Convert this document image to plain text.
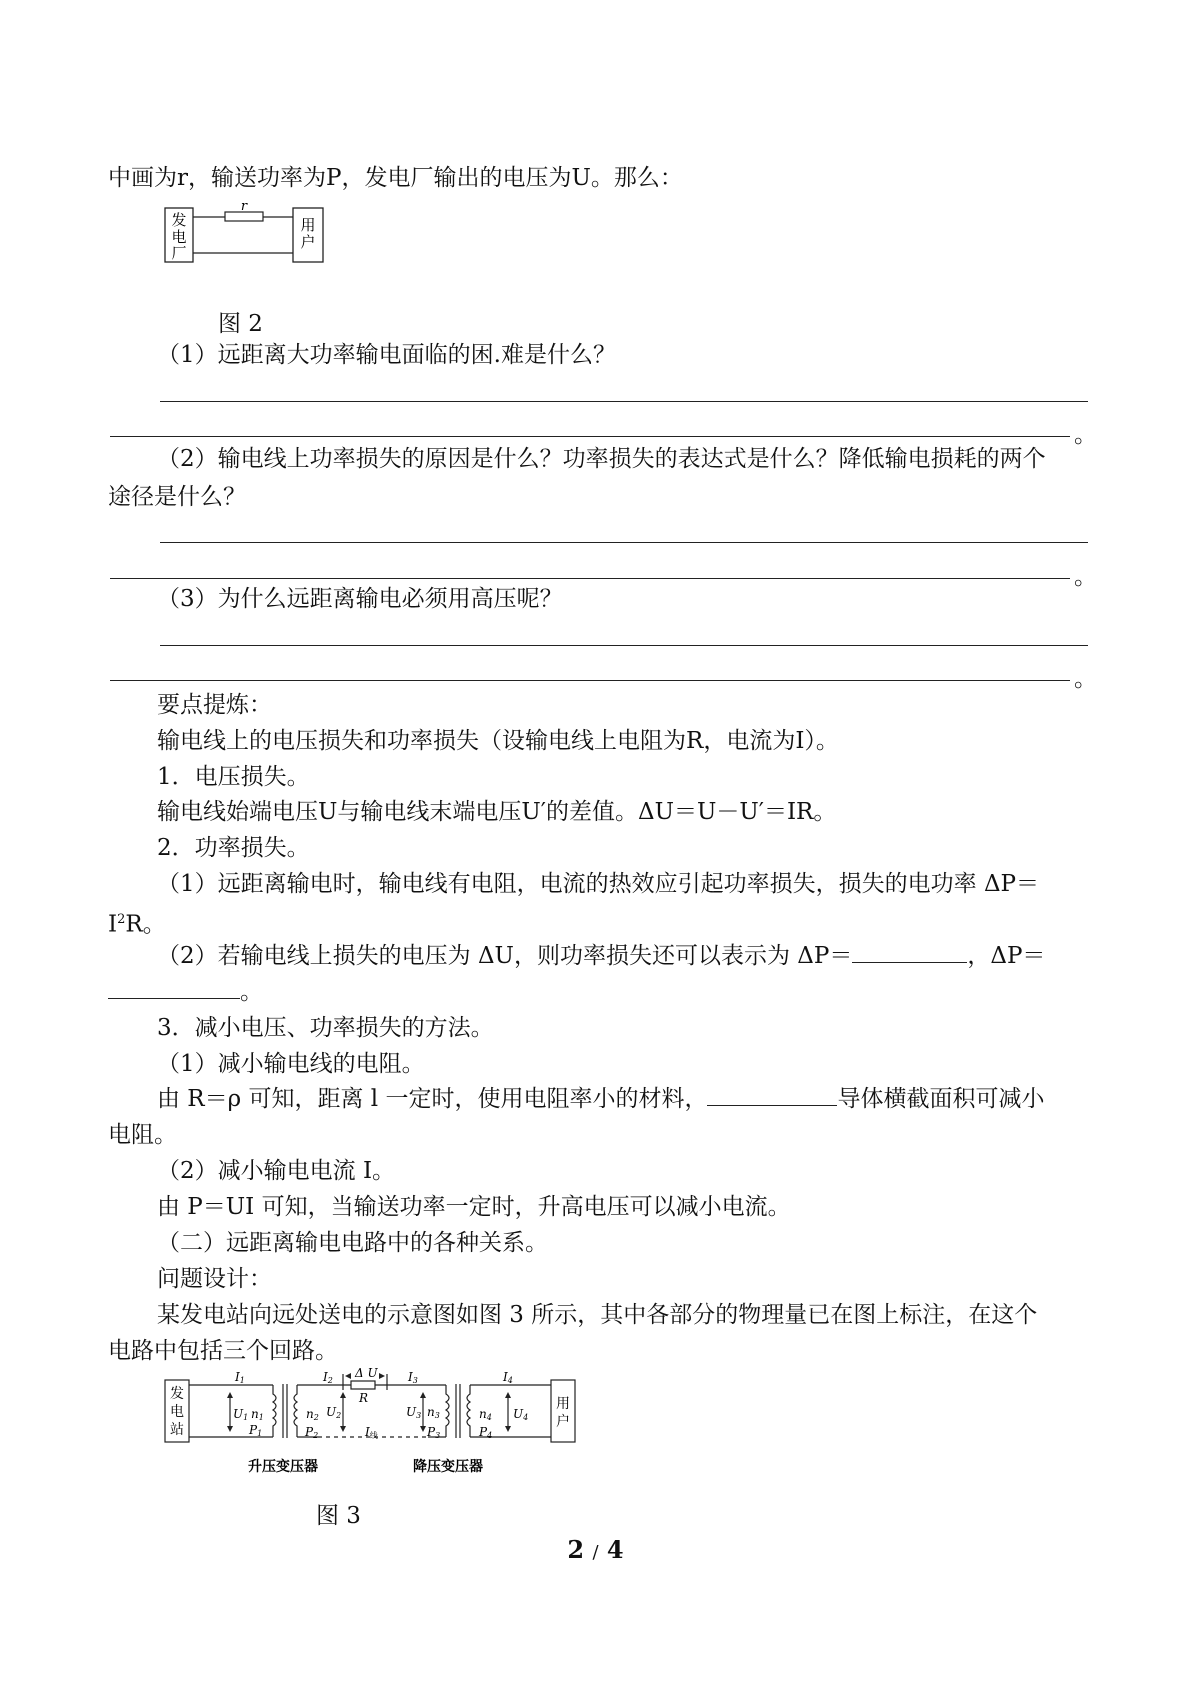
中画为r，输送功率为P，发电厂输出的电压为U。那么：
发
电
厂
r
用
户
图 2
（1）远距离大功率输电面临的困.难是什么？
。
（2）输电线上功率损失的原因是什么？功率损失的表达式是什么？降低输电损耗的两个
途径是什么？
。
（3）为什么远距离输电必须用高压呢？
。
要点提炼：
输电线上的电压损失和功率损失（设输电线上电阻为R，电流为I）。
1．电压损失。
输电线始端电压U与输电线末端电压U′的差值。ΔU＝U－U′＝IR。
2．功率损失。
（1）远距离输电时，输电线有电阻，电流的热效应引起功率损失，损失的电功率 ΔP＝
$I^2R$。
（2）若输电线上损失的电压为 ΔU，则功率损失还可以表示为 ΔP＝	，ΔP＝
。
3．减小电压、功率损失的方法。
（1）减小输电线的电阻。
由 R＝ρ 可知，距离 l 一定时，使用电阻率小的材料，	导体横截面积可减小
电阻。
（2）减小输电电流 I。
由 P＝UI 可知，当输送功率一定时，升高电压可以减小电流。
（二）远距离输电电路中的各种关系。
问题设计：
某发电站向远处送电的示意图如图 3 所示，其中各部分的物理量已在图上标注，在这个
电路中包括三个回路。
发
电
站
用
户
I1	I2	I3	I4
Δ U
R
U1	n2 U2
n1
P1	P2
U3 n3
P3
n4
P4
U4
I线
升压变压器	降压变压器
图 3
2 / 4
